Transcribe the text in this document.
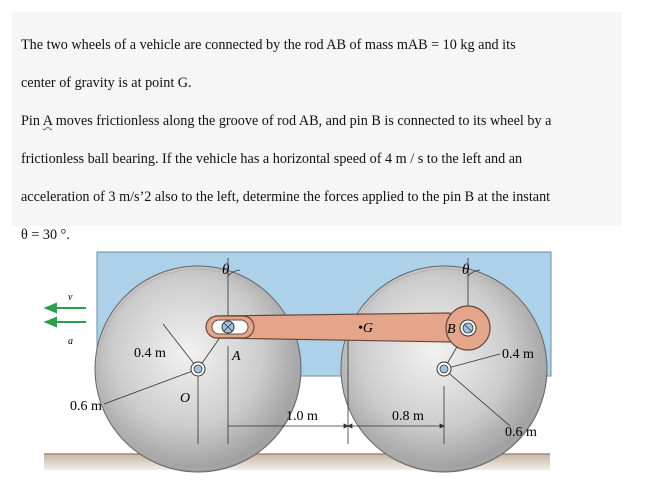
The two wheels of a vehicle are connected by the rod AB of mass mAB = 10 kg and its

center of gravity is at point G.

Pin A moves frictionless along the groove of rod AB, and pin B is connected to its wheel by a

frictionless ball bearing. If the vehicle has a horizontal speed of 4 m / s to the left and an

acceleration of 3 m/s’2 also to the left, determine the forces applied to the pin B at the instant

θ = 30 °.

θ	θ
v
a
0.4 m
0.6 m
O
A
•G	B
0.4 m
0.6 m
1.0 m	0.8 m
